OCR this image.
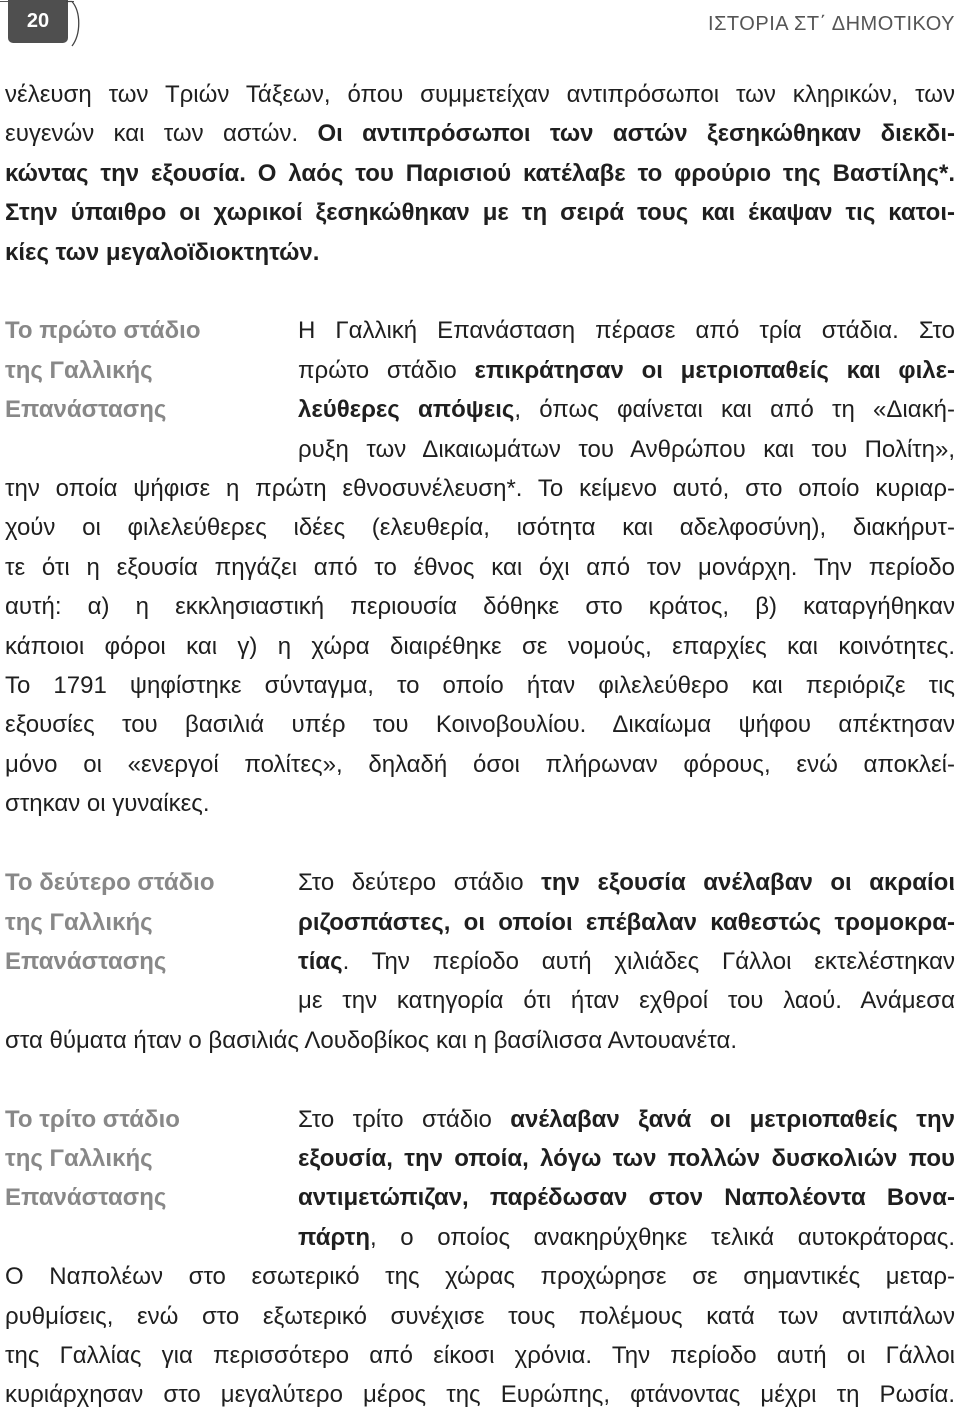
20	ΙΣΤΟΡΙΑ ΣΤ΄ ΔΗΜΟΤΙΚΟΥ
νέλευση των Τριών Τάξεων, όπου συμμετείχαν αντιπρόσωποι των κληρικών, των
ευγενών και των αστών. Οι αντιπρόσωποι των αστών ξεσηκώθηκαν διεκδι-
κώντας την εξουσία. Ο λαός του Παρισιού κατέλαβε το φρούριο της Βαστίλης*.
Στην ύπαιθρο οι χωρικοί ξεσηκώθηκαν με τη σειρά τους και έκαψαν τις κατοι-
κίες των μεγαλοϊδιοκτητών.
Το πρώτο στάδιο
της Γαλλικής
Επανάστασης
Η Γαλλική Επανάσταση πέρασε από τρία στάδια. Στο
πρώτο στάδιο επικράτησαν οι μετριοπαθείς και φιλε-
λεύθερες απόψεις, όπως φαίνεται και από τη «Διακή-
ρυξη των Δικαιωμάτων του Ανθρώπου και του Πολίτη»,
την οποία ψήφισε η πρώτη εθνοσυνέλευση*. Το κείμενο αυτό, στο οποίο κυριαρ-
χούν οι φιλελεύθερες ιδέες (ελευθερία, ισότητα και αδελφοσύνη), διακήρυτ-
τε ότι η εξουσία πηγάζει από το έθνος και όχι από τον μονάρχη. Την περίοδο
αυτή: α) η εκκλησιαστική περιουσία δόθηκε στο κράτος, β) καταργήθηκαν
κάποιοι φόροι και γ) η χώρα διαιρέθηκε σε νομούς, επαρχίες και κοινότητες.
Το 1791 ψηφίστηκε σύνταγμα, το οποίο ήταν φιλελεύθερο και περιόριζε τις
εξουσίες του βασιλιά υπέρ του Κοινοβουλίου. Δικαίωμα ψήφου απέκτησαν
μόνο οι «ενεργοί πολίτες», δηλαδή όσοι πλήρωναν φόρους, ενώ αποκλεί-
στηκαν οι γυναίκες.
Το δεύτερο στάδιο
της Γαλλικής
Επανάστασης
Στο δεύτερο στάδιο την εξουσία ανέλαβαν οι ακραίοι
ριζοσπάστες, οι οποίοι επέβαλαν καθεστώς τρομοκρα-
τίας. Την περίοδο αυτή χιλιάδες Γάλλοι εκτελέστηκαν
με την κατηγορία ότι ήταν εχθροί του λαού. Ανάμεσα
στα θύματα ήταν ο βασιλιάς Λουδοβίκος και η βασίλισσα Αντουανέτα.
Το τρίτο στάδιο
της Γαλλικής
Επανάστασης
Στο τρίτο στάδιο ανέλαβαν ξανά οι μετριοπαθείς την
εξουσία, την οποία, λόγω των πολλών δυσκολιών που
αντιμετώπιζαν, παρέδωσαν στον Ναπολέοντα Βονα-
πάρτη, ο οποίος ανακηρύχθηκε τελικά αυτοκράτορας.
Ο Ναπολέων στο εσωτερικό της χώρας προχώρησε σε σημαντικές μεταρ-
ρυθμίσεις, ενώ στο εξωτερικό συνέχισε τους πολέμους κατά των αντιπάλων
της Γαλλίας για περισσότερο από είκοσι χρόνια. Την περίοδο αυτή οι Γάλλοι
κυριάρχησαν στο μεγαλύτερο μέρος της Ευρώπης, φτάνοντας μέχρι τη Ρωσία.
